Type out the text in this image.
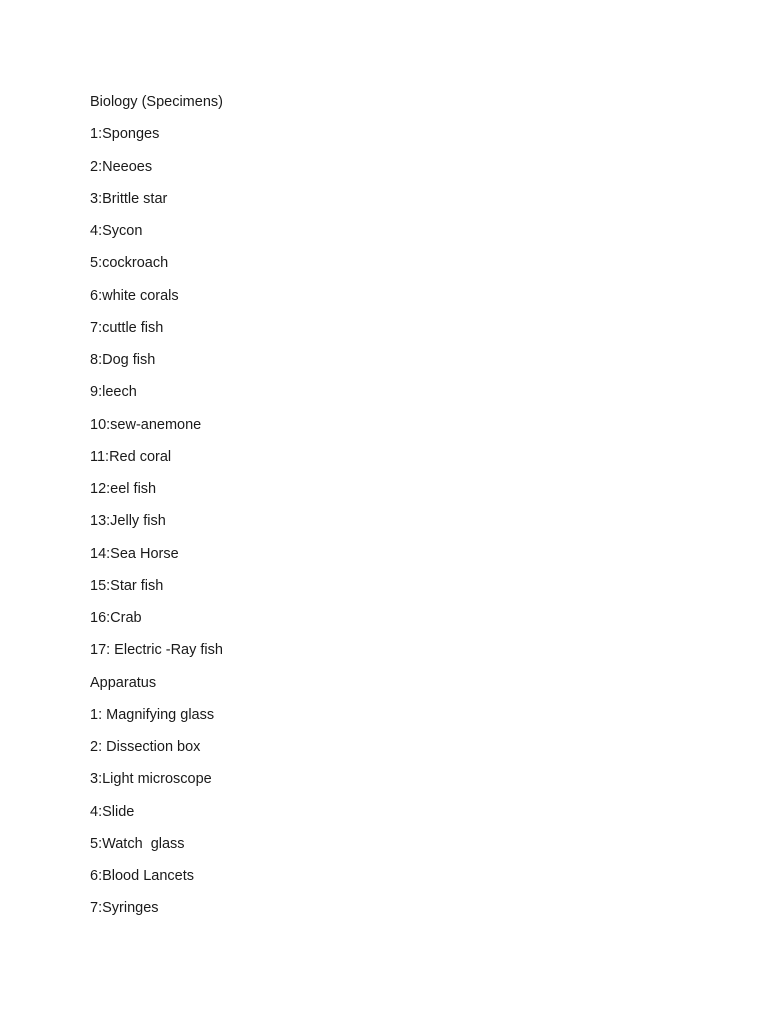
Biology (Specimens)

1:Sponges

2:Neeoes

3:Brittle star

4:Sycon

5:cockroach

6:white corals

7:cuttle fish

8:Dog fish

9:leech

10:sew-anemone

11:Red coral

12:eel fish

13:Jelly fish

14:Sea Horse

15:Star fish

16:Crab

17: Electric -Ray fish

Apparatus

1: Magnifying glass

2: Dissection box

3:Light microscope

4:Slide

5:Watch  glass

6:Blood Lancets

7:Syringes
